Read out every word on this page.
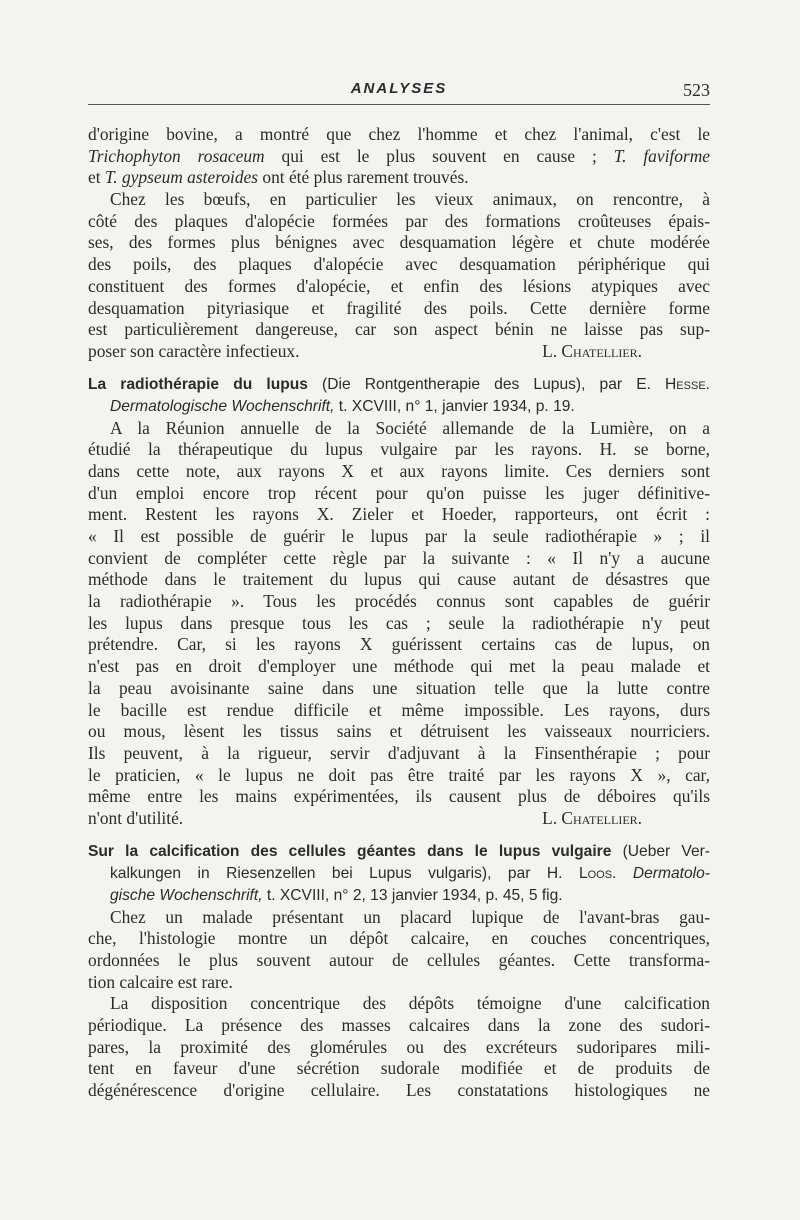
ANALYSES	523
d'origine bovine, a montré que chez l'homme et chez l'animal, c'est le
Trichophyton rosaceum qui est le plus souvent en cause ; T. faviforme
et T. gypseum asteroides ont été plus rarement trouvés.
Chez les bœufs, en particulier les vieux animaux, on rencontre, à
côté des plaques d'alopécie formées par des formations croûteuses épais-
ses, des formes plus bénignes avec desquamation légère et chute modérée
des poils, des plaques d'alopécie avec desquamation périphérique qui
constituent des formes d'alopécie, et enfin des lésions atypiques avec
desquamation pityriasique et fragilité des poils. Cette dernière forme
est particulièrement dangereuse, car son aspect bénin ne laisse pas sup-
poser son caractère infectieux.	L. Chatellier.
La radiothérapie du lupus (Die Rontgentherapie des Lupus), par E. Hesse.
Dermatologische Wochenschrift, t. XCVIII, n° 1, janvier 1934, p. 19.
A la Réunion annuelle de la Société allemande de la Lumière, on a
étudié la thérapeutique du lupus vulgaire par les rayons. H. se borne,
dans cette note, aux rayons X et aux rayons limite. Ces derniers sont
d'un emploi encore trop récent pour qu'on puisse les juger définitive-
ment. Restent les rayons X. Zieler et Hoeder, rapporteurs, ont écrit :
« Il est possible de guérir le lupus par la seule radiothérapie » ; il
convient de compléter cette règle par la suivante : « Il n'y a aucune
méthode dans le traitement du lupus qui cause autant de désastres que
la radiothérapie ». Tous les procédés connus sont capables de guérir
les lupus dans presque tous les cas ; seule la radiothérapie n'y peut
prétendre. Car, si les rayons X guérissent certains cas de lupus, on
n'est pas en droit d'employer une méthode qui met la peau malade et
la peau avoisinante saine dans une situation telle que la lutte contre
le bacille est rendue difficile et même impossible. Les rayons, durs
ou mous, lèsent les tissus sains et détruisent les vaisseaux nourriciers.
Ils peuvent, à la rigueur, servir d'adjuvant à la Finsenthérapie ; pour
le praticien, « le lupus ne doit pas être traité par les rayons X », car,
même entre les mains expérimentées, ils causent plus de déboires qu'ils
n'ont d'utilité.	L. Chatellier.
Sur la calcification des cellules géantes dans le lupus vulgaire (Ueber Ver-
kalkungen in Riesenzellen bei Lupus vulgaris), par H. Loos. Dermatolo-
gische Wochenschrift, t. XCVIII, n° 2, 13 janvier 1934, p. 45, 5 fig.
Chez un malade présentant un placard lupique de l'avant-bras gau-
che, l'histologie montre un dépôt calcaire, en couches concentriques,
ordonnées le plus souvent autour de cellules géantes. Cette transforma-
tion calcaire est rare.
La disposition concentrique des dépôts témoigne d'une calcification
périodique. La présence des masses calcaires dans la zone des sudori-
pares, la proximité des glomérules ou des excréteurs sudoripares mili-
tent en faveur d'une sécrétion sudorale modifiée et de produits de
dégénérescence d'origine cellulaire. Les constatations histologiques ne
